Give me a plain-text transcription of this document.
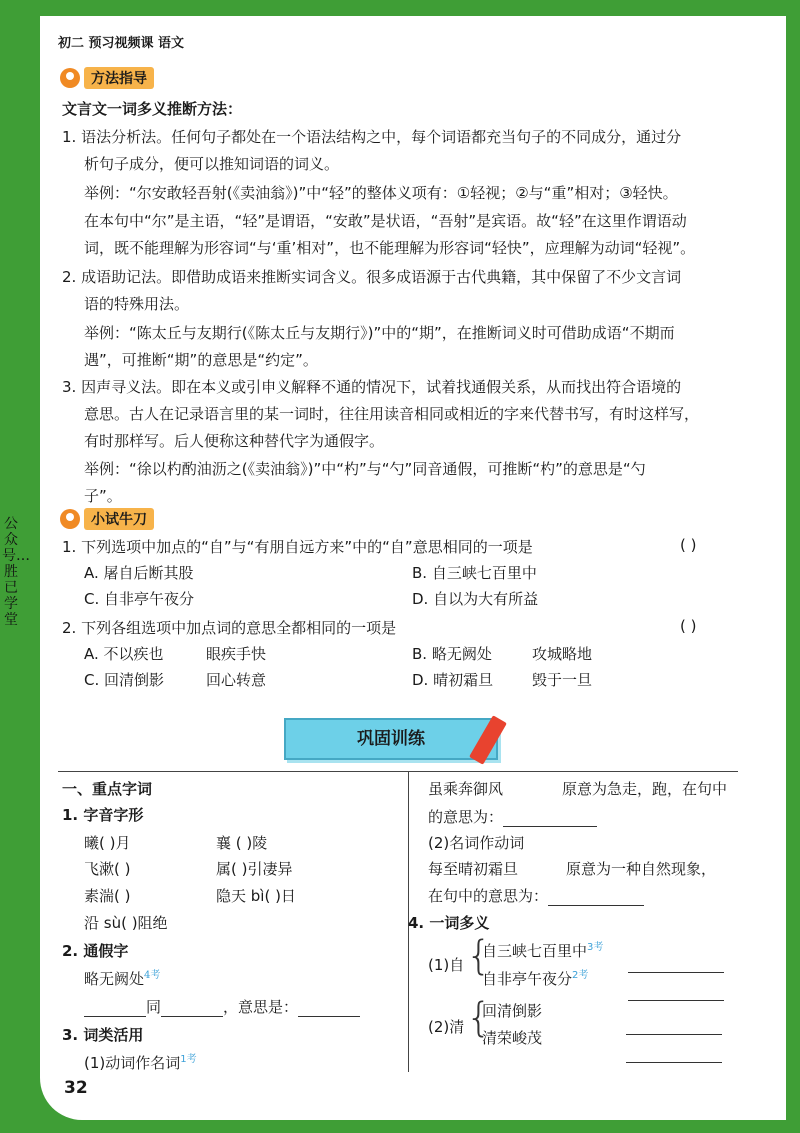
初二 预习视频课 语文
公众号…胜已学堂
方法指导
文言文一词多义推断方法：
1. 语法分析法。任何句子都处在一个语法结构之中，每个词语都充当句子的不同成分，通过分
析句子成分，便可以推知词语的词义。
举例：“尔安敢轻吾射(《卖油翁》)”中“轻”的整体义项有：①轻视；②与“重”相对；③轻快。
在本句中“尔”是主语，“轻”是谓语，“安敢”是状语，“吾射”是宾语。故“轻”在这里作谓语动
词，既不能理解为形容词“与‘重’相对”，也不能理解为形容词“轻快”，应理解为动词“轻视”。
2. 成语助记法。即借助成语来推断实词含义。很多成语源于古代典籍，其中保留了不少文言词
语的特殊用法。
举例：“陈太丘与友期行(《陈太丘与友期行》)”中的“期”，在推断词义时可借助成语“不期而
遇”，可推断“期”的意思是“约定”。
3. 因声寻义法。即在本义或引申义解释不通的情况下，试着找通假关系，从而找出符合语境的
意思。古人在记录语言里的某一词时，往往用读音相同或相近的字来代替书写，有时这样写，
有时那样写。后人便称这种替代字为通假字。
举例：“徐以杓酌油沥之(《卖油翁》)”中“杓”与“勺”同音通假，可推断“杓”的意思是“勺
子”。
小试牛刀
1. 下列选项中加点的“自”与“有朋自远方来”中的“自”意思相同的一项是	( )
A. 屠自后断其股	B. 自三峡七百里中
C. 自非亭午夜分	D. 自以为大有所益
2. 下列各组选项中加点词的意思全都相同的一项是	( )
A. 不以疾也	眼疾手快	B. 略无阙处	攻城略地
C. 回清倒影	回心转意	D. 晴初霜旦	毁于一旦
巩固训练
一、重点字词
1. 字音字形
曦( )月	襄 ( )陵
飞漱( )	属( )引凄异
素湍( )	隐天 bì( )日
沿 sù( )阻绝
2. 通假字
略无阙处$^{4考}$
同	，意思是：
3. 词类活用
(1)动词作名词$^{1考}$
虽乘奔御风	原意为急走，跑，在句中
的意思为：
(2)名词作动词
每至晴初霜旦	原意为一种自然现象，
在句中的意思为：
4. 一词多义
(1)自 {
自三峡七百里中$^{3考}$
自非亭午夜分$^{2考}$
(2)清 {
回清倒影
清荣峻茂
32
